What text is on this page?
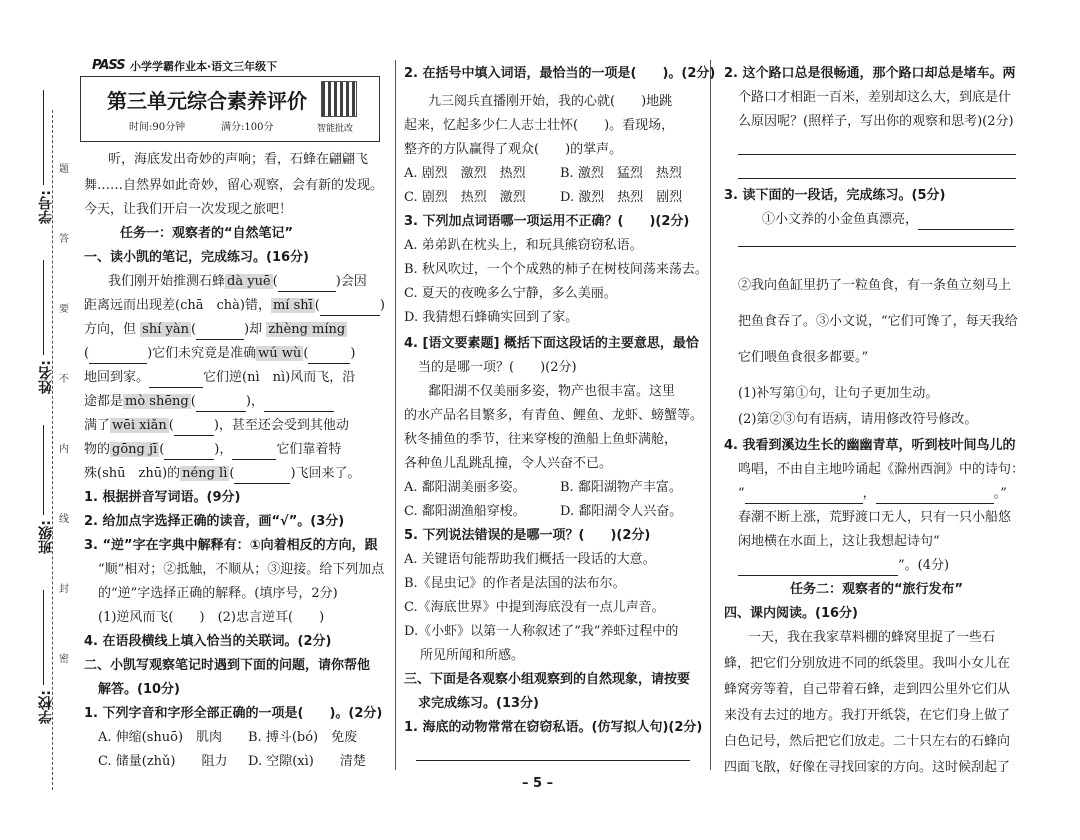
学号:
姓名:
班级:
学校:
题
答
要
不
内
线
封
密
PASS 小学学霸作业本·语文三年级下
第三单元综合素养评价
时间:90分钟	满分:100分	智能批改
听，海底发出奇妙的声响；看，石蜂在翩翩飞
舞……自然界如此奇妙，留心观察，会有新的发现。
今天，让我们开启一次发现之旅吧！
任务一：观察者的“自然笔记”
一、读小凯的笔记，完成练习。(16分)
我们刚开始推测石蜂 dà yuē (	)会因
距离远而出现差(chā　chà)错， mí shī (	)
方向，但 shí yàn (	)却 zhèng míng
(	)它们未究竟是准确 wú wù (	)
地回到家。	它们逆(nì　nì)风而飞，沿
途都是 mò shēng (	)，
满了 wēi xiǎn (	)，甚至还会受到其他动
物的 gōng jī (	)，	它们靠着特
殊(shū　zhū)的 néng lì (	)飞回来了。
1. 根据拼音写词语。(9分)
2. 给加点字选择正确的读音，画“√”。(3分)
3. “逆”字在字典中解释有：①向着相反的方向，跟
“顺”相对；②抵触，不顺从；③迎接。给下列加点
的“逆”字选择正确的解释。(填序号，2分)
(1)逆风而飞( )　(2)忠言逆耳( )
4. 在语段横线上填入恰当的关联词。(2分)
二、小凯写观察笔记时遇到下面的问题，请你帮他
解答。(10分)
1. 下列字音和字形全部正确的一项是(　　)。(2分)
A. 伸缩(shuō)　肌肉 B. 搏斗(bó)　免废
C. 储量(zhǔ)　　阻力 D. 空隙(xì)　　清楚
2. 在括号中填入词语，最恰当的一项是(　　)。(2分)
九三阅兵直播刚开始，我的心就(　　)地跳
起来，忆起多少仁人志士壮怀(　　)。看现场，
整齐的方队赢得了观众(　　)的掌声。
A. 剧烈　激烈　热烈	B. 激烈　猛烈　热烈
C. 剧烈　热烈　激烈	D. 激烈　热烈　剧烈
3. 下列加点词语哪一项运用不正确？(　　)(2分)
A. 弟弟趴在枕头上，和玩具熊窃窃私语。
B. 秋风吹过，一个个成熟的柿子在树枝间荡来荡去。
C. 夏天的夜晚多么宁静，多么美丽。
D. 我猜想石蜂确实回到了家。
4. [语文要素题] 概括下面这段话的主要意思，最恰
当的是哪一项？(　　)(2分)
鄱阳湖不仅美丽多姿，物产也很丰富。这里
的水产品名目繁多，有青鱼、鲤鱼、龙虾、螃蟹等。
秋冬捕鱼的季节，往来穿梭的渔船上鱼虾满舱，
各种鱼儿乱跳乱撞，令人兴奋不已。
A. 鄱阳湖美丽多姿。	B. 鄱阳湖物产丰富。
C. 鄱阳湖渔船穿梭。	D. 鄱阳湖令人兴奋。
5. 下列说法错误的是哪一项？(　　)(2分)
A. 关键语句能帮助我们概括一段话的大意。
B.《昆虫记》的作者是法国的法布尔。
C.《海底世界》中提到海底没有一点儿声音。
D.《小虾》以第一人称叙述了“我”养虾过程中的
所见所闻和所感。
三、下面是各观察小组观察到的自然现象，请按要
求完成练习。(13分)
1. 海底的动物常常在窃窃私语。(仿写拟人句)(2分)
2. 这个路口总是很畅通，那个路口却总是堵车。两
个路口才相距一百米，差别却这么大，到底是什
么原因呢？(照样子，写出你的观察和思考)(2分)
3. 读下面的一段话，完成练习。(5分)
①小文养的小金鱼真漂亮，
②我向鱼缸里扔了一粒鱼食，有一条鱼立刻马上
把鱼食吞了。③小文说，“它们可馋了，每天我给
它们喂鱼食很多都要。”
(1)补写第①句，让句子更加生动。
(2)第②③句有语病，请用修改符号修改。
4. 我看到溪边生长的幽幽青草，听到枝叶间鸟儿的
鸣唱，不由自主地吟诵起《滁州西涧》中的诗句：
“	，	。”
春潮不断上涨，荒野渡口无人，只有一只小船悠
闲地横在水面上，这让我想起诗句“
”。(4分)
任务二：观察者的“旅行发布”
四、课内阅读。(16分)
一天，我在我家草料棚的蜂窝里捉了一些石
蜂，把它们分别放进不同的纸袋里。我叫小女儿在
蜂窝旁等着，自己带着石蜂，走到四公里外它们从
来没有去过的地方。我打开纸袋，在它们身上做了
白色记号，然后把它们放走。二十只左右的石蜂向
四面飞散，好像在寻找回家的方向。这时候刮起了
– 5 –
